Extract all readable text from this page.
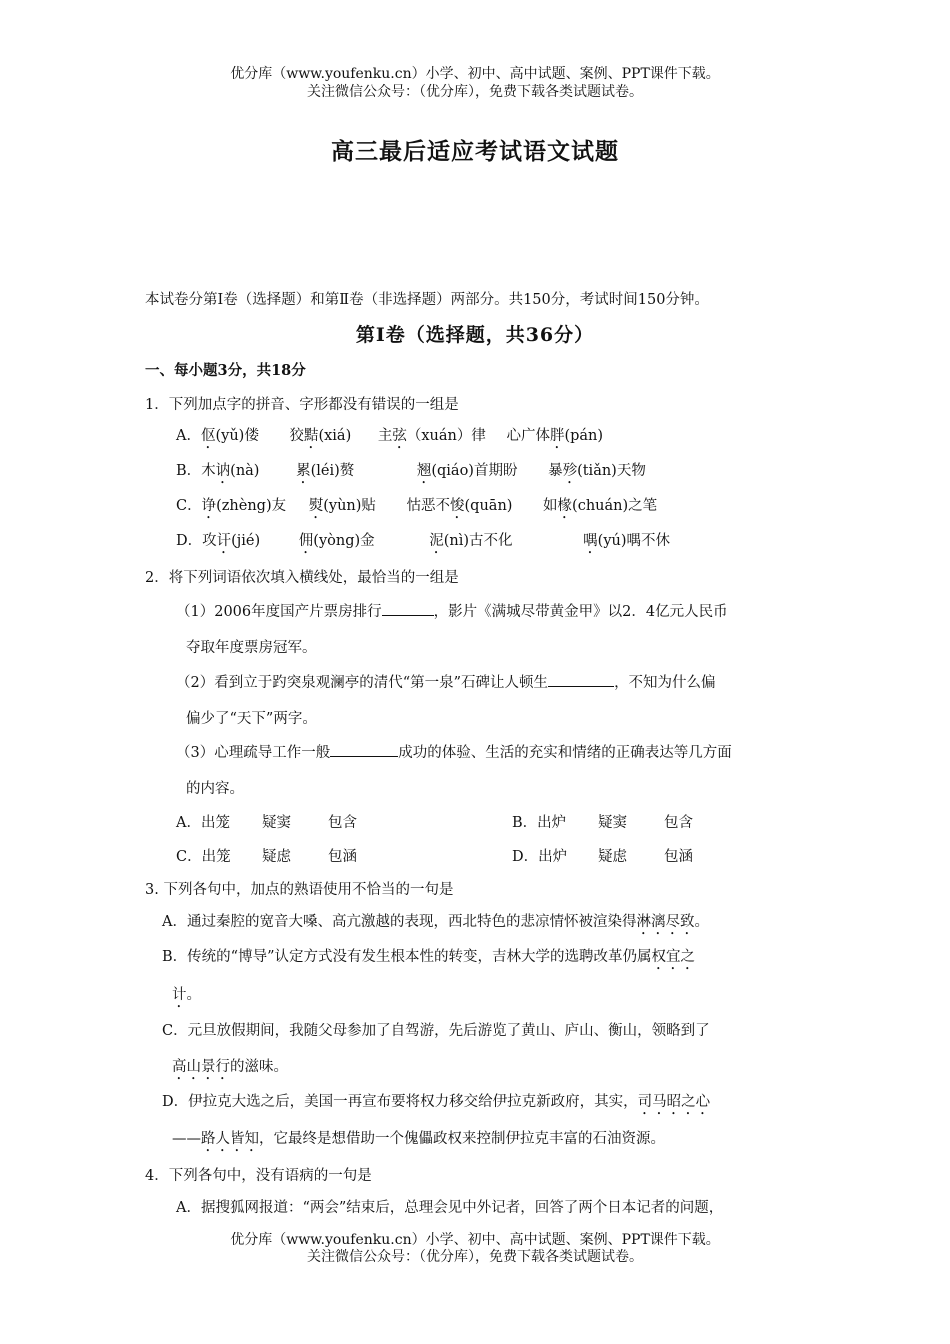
优分库（www.youfenku.cn）小学、初中、高中试题、案例、PPT课件下载。
关注微信公众号：（优分库），免费下载各类试题试卷。
高三最后适应考试语文试题
本试卷分第Ⅰ卷（选择题）和第Ⅱ卷（非选择题）两部分。共150分，考试时间150分钟。
第Ⅰ卷（选择题，共36分）
一、每小题3分，共18分
1．下列加点字的拼音、字形都没有错误的一组是
A．伛(yǔ)偻 狡黠(xiá) 主弦（xuán）律 心广体胖(pán)
B．木讷(nà)	累(léi)赘	翘(qiáo)首期盼 暴殄(tiǎn)天物
C．诤(zhèng)友 熨(yùn)贴 怙恶不悛(quān) 如椽(chuán)之笔
D．攻讦(jié)	佣(yòng)金	泥(nì)古不化	喁(yú)喁不休
2．将下列词语依次填入横线处，最恰当的一组是
（1）2006年度国产片票房排行	，影片《满城尽带黄金甲》以2．4亿元人民币
夺取年度票房冠军。
（2）看到立于趵突泉观澜亭的清代“第一泉”石碑让人顿生	，不知为什么偏
偏少了“天下”两字。
（3）心理疏导工作一般	成功的体验、生活的充实和情绪的正确表达等几方面
的内容。
A．出笼 疑窦	包含	B．出炉 疑窦	包含
C．出笼 疑虑	包涵	D．出炉 疑虑	包涵
3. 下列各句中，加点的熟语使用不恰当的一句是
A．通过秦腔的宽音大嗓、高亢激越的表现，西北特色的悲凉情怀被渲染得淋漓尽致。
B．传统的“博导”认定方式没有发生根本性的转变，吉林大学的选聘改革仍属权宜之
计。
C．元旦放假期间，我随父母参加了自驾游，先后游览了黄山、庐山、衡山，领略到了
高山景行的滋味。
D．伊拉克大选之后，美国一再宣布要将权力移交给伊拉克新政府，其实，司马昭之心
——路人皆知，它最终是想借助一个傀儡政权来控制伊拉克丰富的石油资源。
4．下列各句中，没有语病的一句是
A．据搜狐网报道：“两会”结束后，总理会见中外记者，回答了两个日本记者的问题，
优分库（www.youfenku.cn）小学、初中、高中试题、案例、PPT课件下载。
关注微信公众号：（优分库），免费下载各类试题试卷。
